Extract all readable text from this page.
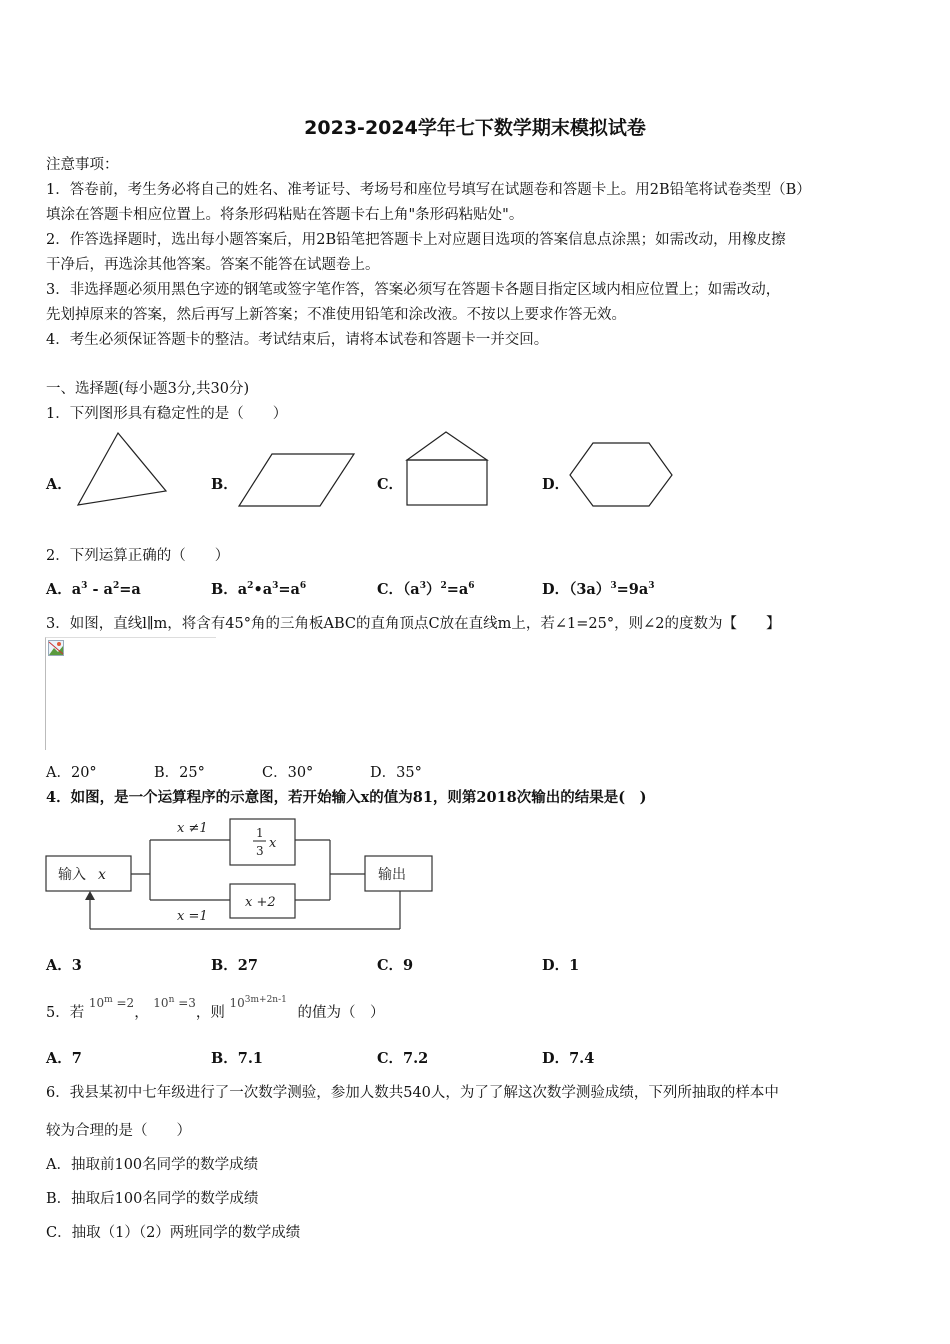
2023-2024学年七下数学期末模拟试卷
注意事项：
1．答卷前，考生务必将自己的姓名、准考证号、考场号和座位号填写在试题卷和答题卡上。用2B铅笔将试卷类型（B）
填涂在答题卡相应位置上。将条形码粘贴在答题卡右上角"条形码粘贴处"。
2．作答选择题时，选出每小题答案后，用2B铅笔把答题卡上对应题目选项的答案信息点涂黑；如需改动，用橡皮擦
干净后，再选涂其他答案。答案不能答在试题卷上。
3．非选择题必须用黑色字迹的钢笔或签字笔作答，答案必须写在答题卡各题目指定区域内相应位置上；如需改动，
先划掉原来的答案，然后再写上新答案；不准使用铅笔和涂改液。不按以上要求作答无效。
4．考生必须保证答题卡的整洁。考试结束后，请将本试卷和答题卡一并交回。
一、选择题(每小题3分,共30分)
1．下列图形具有稳定性的是（　　）
A．	B．	C．	D．
2．下列运算正确的（　　）
A．$a^3 - a^2=a$	B．$a^2•a^3=a^6$	C．$(a^3)^2=a^6$	D．$(3a)^3=9a^3$
3．如图，直线l∥m，将含有45°角的三角板ABC的直角顶点C放在直线m上，若∠1=25°，则∠2的度数为【　　】
A．20°	B．25°	C．30°	D．35°
4．如图，是一个运算程序的示意图，若开始输入x的值为81，则第2018次输出的结果是(　)
输入 x	输出
x ≠1
x =1
1
3 x
x +2
A．3	B．27	C．9	D．1
5．若 $^{10^m =2}$， $^{10^n =3}$，则 $^{10^{3m+2n-1}}$ 的值为（　）
A．7	B．7.1	C．7.2	D．7.4
6．我县某初中七年级进行了一次数学测验，参加人数共540人，为了了解这次数学测验成绩，下列所抽取的样本中
较为合理的是（　　）
A．抽取前100名同学的数学成绩
B．抽取后100名同学的数学成绩
C．抽取（1）（2）两班同学的数学成绩
